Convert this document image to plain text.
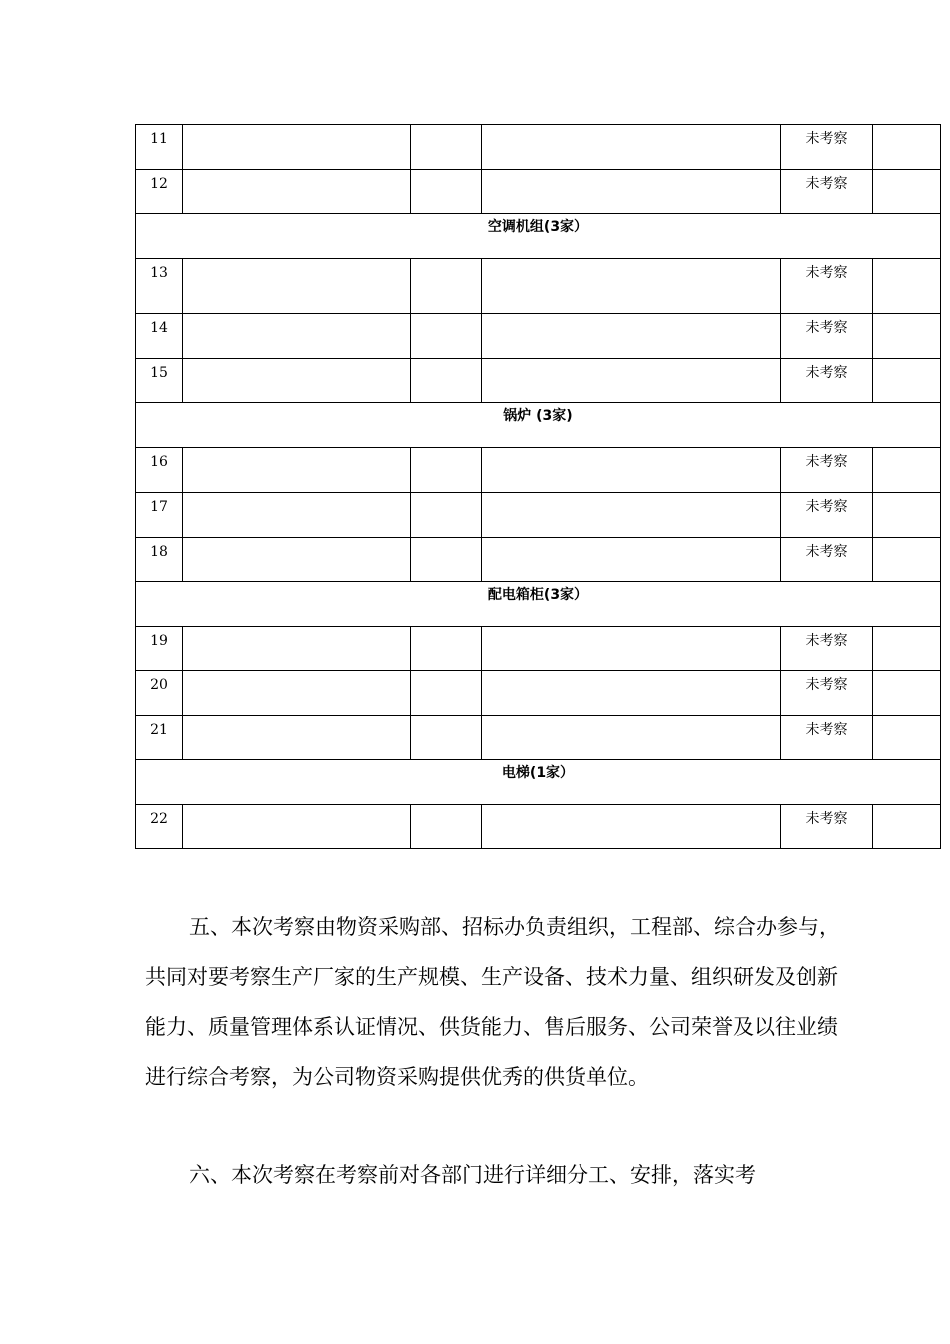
11				未考察	
12				未考察	
空调机组(3家）					
13				未考察	
14				未考察	
15				未考察	
锅炉 (3家)					
16				未考察	
17				未考察	
18				未考察	
配电箱柜(3家）					
19				未考察	
20				未考察	
21				未考察	
电梯(1家）					
22				未考察	

五、本次考察由物资采购部、招标办负责组织，工程部、综合办参与，共同对要考察生产厂家的生产规模、生产设备、技术力量、组织研发及创新能力、质量管理体系认证情况、供货能力、售后服务、公司荣誉及以往业绩进行综合考察，为公司物资采购提供优秀的供货单位。

六、本次考察在考察前对各部门进行详细分工、安排，落实考
